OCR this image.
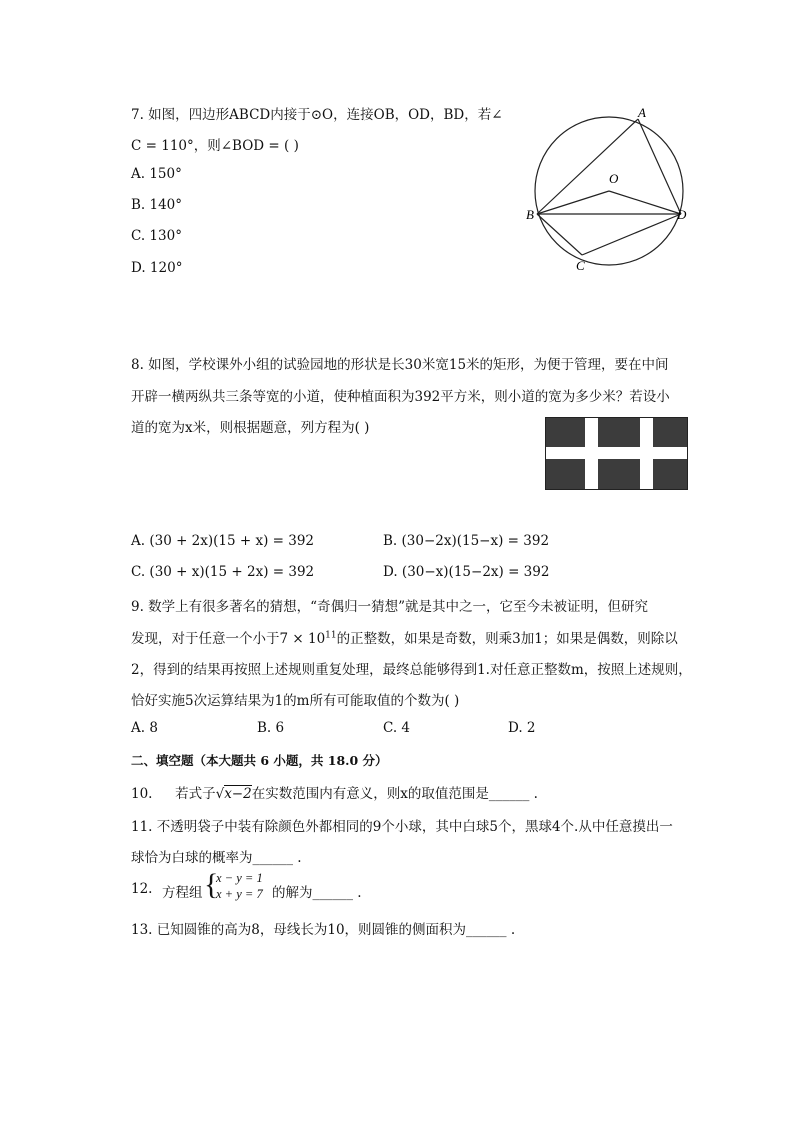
7. 如图，四边形ABCD内接于⊙O，连接OB，OD，BD，若∠
C = 110°，则∠BOD = ( )
A. 150°
B. 140°
C. 130°
D. 120°
A
O
B	D
C
8. 如图，学校课外小组的试验园地的形状是长30米宽15米的矩形，为便于管理，要在中间
开辟一横两纵共三条等宽的小道，使种植面积为392平方米，则小道的宽为多少米？若设小
道的宽为x米，则根据题意，列方程为( )
A. (30 + 2x)(15 + x) = 392	B. (30−2x)(15−x) = 392
C. (30 + x)(15 + 2x) = 392	D. (30−x)(15−2x) = 392
9. 数学上有很多著名的猜想，“奇偶归一猜想”就是其中之一，它至今未被证明，但研究
发现，对于任意一个小于$7 \times 10^{11}$的正整数，如果是奇数，则乘3加1；如果是偶数，则除以
2，得到的结果再按照上述规则重复处理，最终总能够得到1.对任意正整数m，按照上述规则，
恰好实施5次运算结果为1的m所有可能取值的个数为( )
A. 8	B. 6	C. 4	D. 2
二、填空题（本大题共 6 小题，共 18.0 分）
10. 若式子√x−2在实数范围内有意义，则x的取值范围是______ .
11. 不透明袋子中装有除颜色外都相同的9个小球，其中白球5个，黑球4个.从中任意摸出一
球恰为白球的概率为______ .
12. 方程组 {
x − y = 1
x + y = 7 的解为______ .
13. 已知圆锥的高为8，母线长为10，则圆锥的侧面积为______ .
